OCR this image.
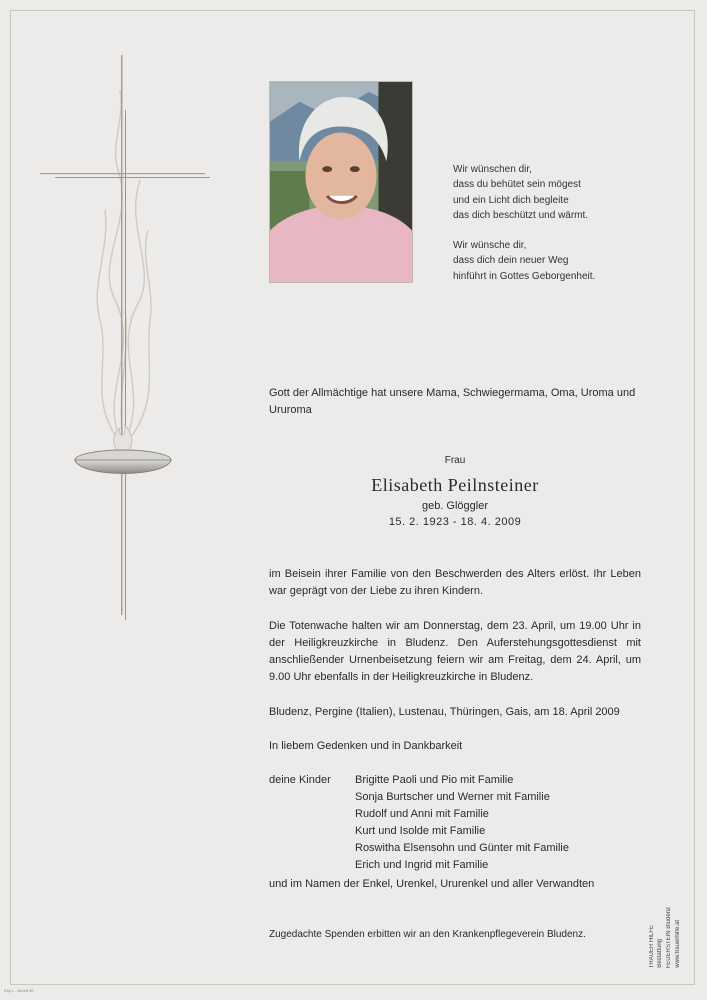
Wir wünschen dir,
dass du behütet sein mögest
und ein Licht dich begleite
das dich beschützt und wärmt.
Wir wünsche dir,
dass dich dein neuer Weg
hinführt in Gottes Geborgenheit.
Gott der Allmächtige hat unsere Mama, Schwiegermama, Oma, Uroma und Ururoma
Frau
Elisabeth Peilnsteiner
geb. Glöggler
15. 2. 1923 - 18. 4. 2009
im Beisein ihrer Familie von den Beschwerden des Alters erlöst. Ihr Leben war geprägt von der Liebe zu ihren Kindern.
Die Totenwache halten wir am Donnerstag, dem 23. April, um 19.00 Uhr in der Heiligkreuzkirche in Bludenz. Den Auferstehungsgottesdienst mit anschließender Urnenbeisetzung feiern wir am Freitag, dem 24. April, um 9.00 Uhr ebenfalls in der Heiligkreuzkirche in Bludenz.
Bludenz, Pergine (Italien), Lustenau, Thüringen, Gais, am 18. April 2009
In liebem Gedenken und in Dankbarkeit
deine Kinder Brigitte Paoli und Pio mit Familie
Sonja Burtscher und Werner mit Familie
Rudolf und Anni mit Familie
Kurt und Isolde mit Familie
Roswitha Elsensohn und Günter mit Familie
Erich und Ingrid mit Familie
und im Namen der Enkel, Urenkel, Ururenkel und aller Verwandten
Zugedachte Spenden erbitten wir an den Krankenpflegeverein Bludenz.	TRAUER HILFE Bestattung FEUERSTEIN Bludenz www.trauerhilfe.at
K5y L - Arbeit 30
